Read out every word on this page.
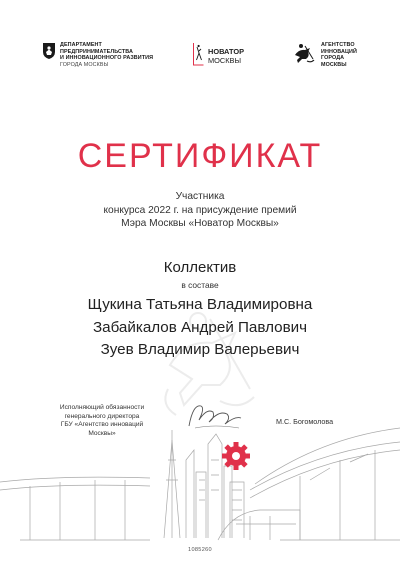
ДЕПАРТАМЕНТ
ПРЕДПРИНИМАТЕЛЬСТВА
И ИННОВАЦИОННОГО РАЗВИТИЯ
ГОРОДА МОСКВЫ
НОВАТОР
МОСКВЫ
АГЕНТСТВО
ИННОВАЦИЙ
ГОРОДА
МОСКВЫ
СЕРТИФИКАТ
Участника
конкурса 2022 г. на присуждение премий
Мэра Москвы «Новатор Москвы»
Коллектив
в составе
Щукина Татьяна Владимировна
Забайкалов Андрей Павлович
Зуев Владимир Валерьевич
Исполняющий обязанности
генерального директора
ГБУ «Агентство инноваций
Москвы»
М.С. Богомолова
1085260
